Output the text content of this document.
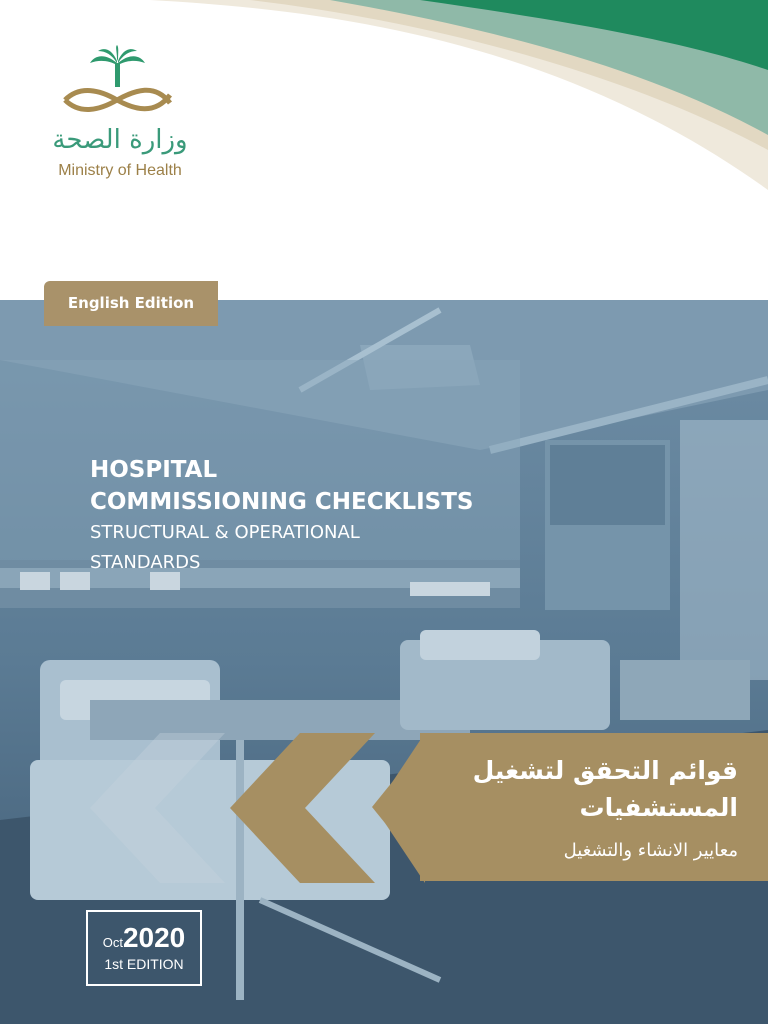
وزارة الصحة
Ministry of Health
English Edition
HOSPITAL
COMMISSIONING CHECKLISTS
STRUCTURAL & OPERATIONAL
STANDARDS
قوائم التحقق لتشغيل
المستشفيات
معايير الانشاء والتشغيل
Oct2020
1st EDITION
